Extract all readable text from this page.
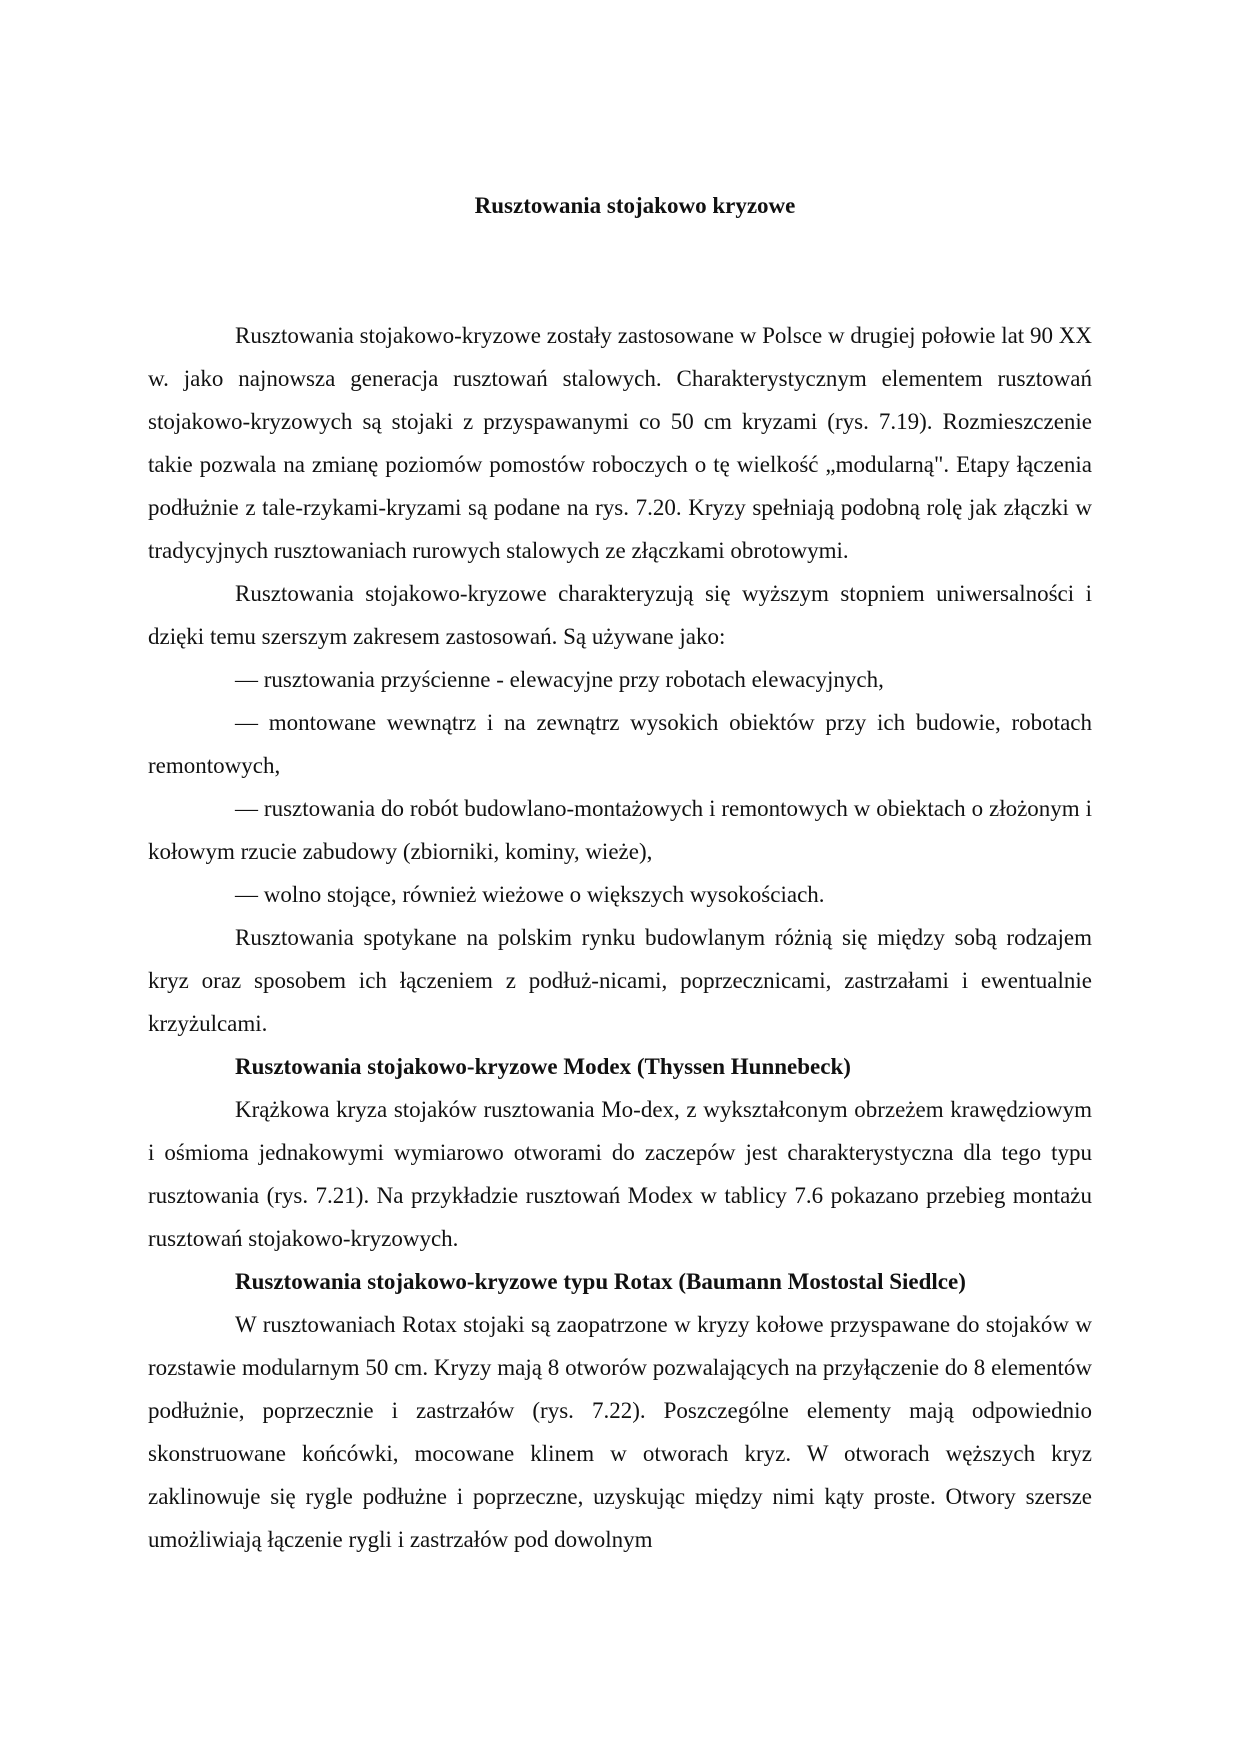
Rusztowania stojakowo kryzowe

Rusztowania stojakowo-kryzowe zostały zastosowane w Polsce w drugiej połowie lat 90 XX w. jako najnowsza generacja rusztowań stalowych. Charakterystycznym elementem rusztowań stojakowo-kryzowych są stojaki z przyspawanymi co 50 cm kryzami (rys. 7.19). Rozmieszczenie takie pozwala na zmianę poziomów pomostów roboczych o tę wielkość „modularną". Etapy łączenia podłużnie z tale-rzykami-kryzami są podane na rys. 7.20. Kryzy spełniają podobną rolę jak złączki w tradycyjnych rusztowaniach rurowych stalowych ze złączkami obrotowymi.

Rusztowania stojakowo-kryzowe charakteryzują się wyższym stopniem uniwersalności i dzięki temu szerszym zakresem zastosowań. Są używane jako:

— rusztowania przyścienne - elewacyjne przy robotach elewacyjnych,

— montowane wewnątrz i na zewnątrz wysokich obiektów przy ich budowie, robotach remontowych,

— rusztowania do robót budowlano-montażowych i remontowych w obiektach o złożonym i kołowym rzucie zabudowy (zbiorniki, kominy, wieże),

— wolno stojące, również wieżowe o większych wysokościach.

Rusztowania spotykane na polskim rynku budowlanym różnią się między sobą rodzajem kryz oraz sposobem ich łączeniem z podłuż-nicami, poprzecznicami, zastrzałami i ewentualnie krzyżulcami.

Rusztowania stojakowo-kryzowe Modex (Thyssen Hunnebeck)

Krążkowa kryza stojaków rusztowania Mo-dex, z wykształconym obrzeżem krawędziowym i ośmioma jednakowymi wymiarowo otworami do zaczepów jest charakterystyczna dla tego typu rusztowania (rys. 7.21). Na przykładzie rusztowań Modex w tablicy 7.6 pokazano przebieg montażu rusztowań stojakowo-kryzowych.

Rusztowania stojakowo-kryzowe typu Rotax (Baumann Mostostal Siedlce)

W rusztowaniach Rotax stojaki są zaopatrzone w kryzy kołowe przyspawane do stojaków w rozstawie modularnym 50 cm. Kryzy mają 8 otworów pozwalających na przyłączenie do 8 elementów podłużnie, poprzecznie i zastrzałów (rys. 7.22). Poszczególne elementy mają odpowiednio skonstruowane końcówki, mocowane klinem w otworach kryz. W otworach węższych kryz zaklinowuje się rygle podłużne i poprzeczne, uzyskując między nimi kąty proste. Otwory szersze umożliwiają łączenie rygli i zastrzałów pod dowolnym
